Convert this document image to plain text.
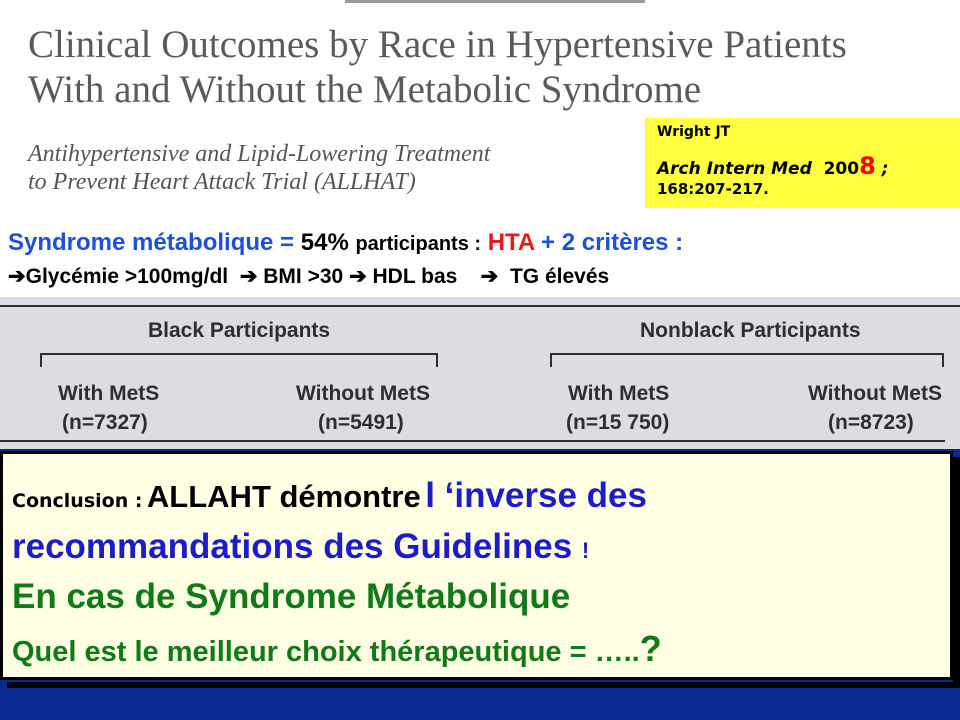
Clinical Outcomes by Race in Hypertensive Patients
With and Without the Metabolic Syndrome
Antihypertensive and Lipid-Lowering Treatment
to Prevent Heart Attack Trial (ALLHAT)
Wright JT
Arch Intern Med 2008 ;
168:207-217.
Syndrome métabolique = 54% participants : HTA + 2 critères :
➔Glycémie >100mg/dl ➔ BMI >30 ➔ HDL bas ➔ TG élevés
Black Participants	Nonblack Participants
With MetS
(n=7327)
Without MetS
(n=5491)
With MetS
(n=15 750)
Without MetS
(n=8723)
Conclusion : ALLAHT démontre l ‘inverse des
recommandations des Guidelines !
En cas de Syndrome Métabolique
Quel est le meilleur choix thérapeutique = …..?
